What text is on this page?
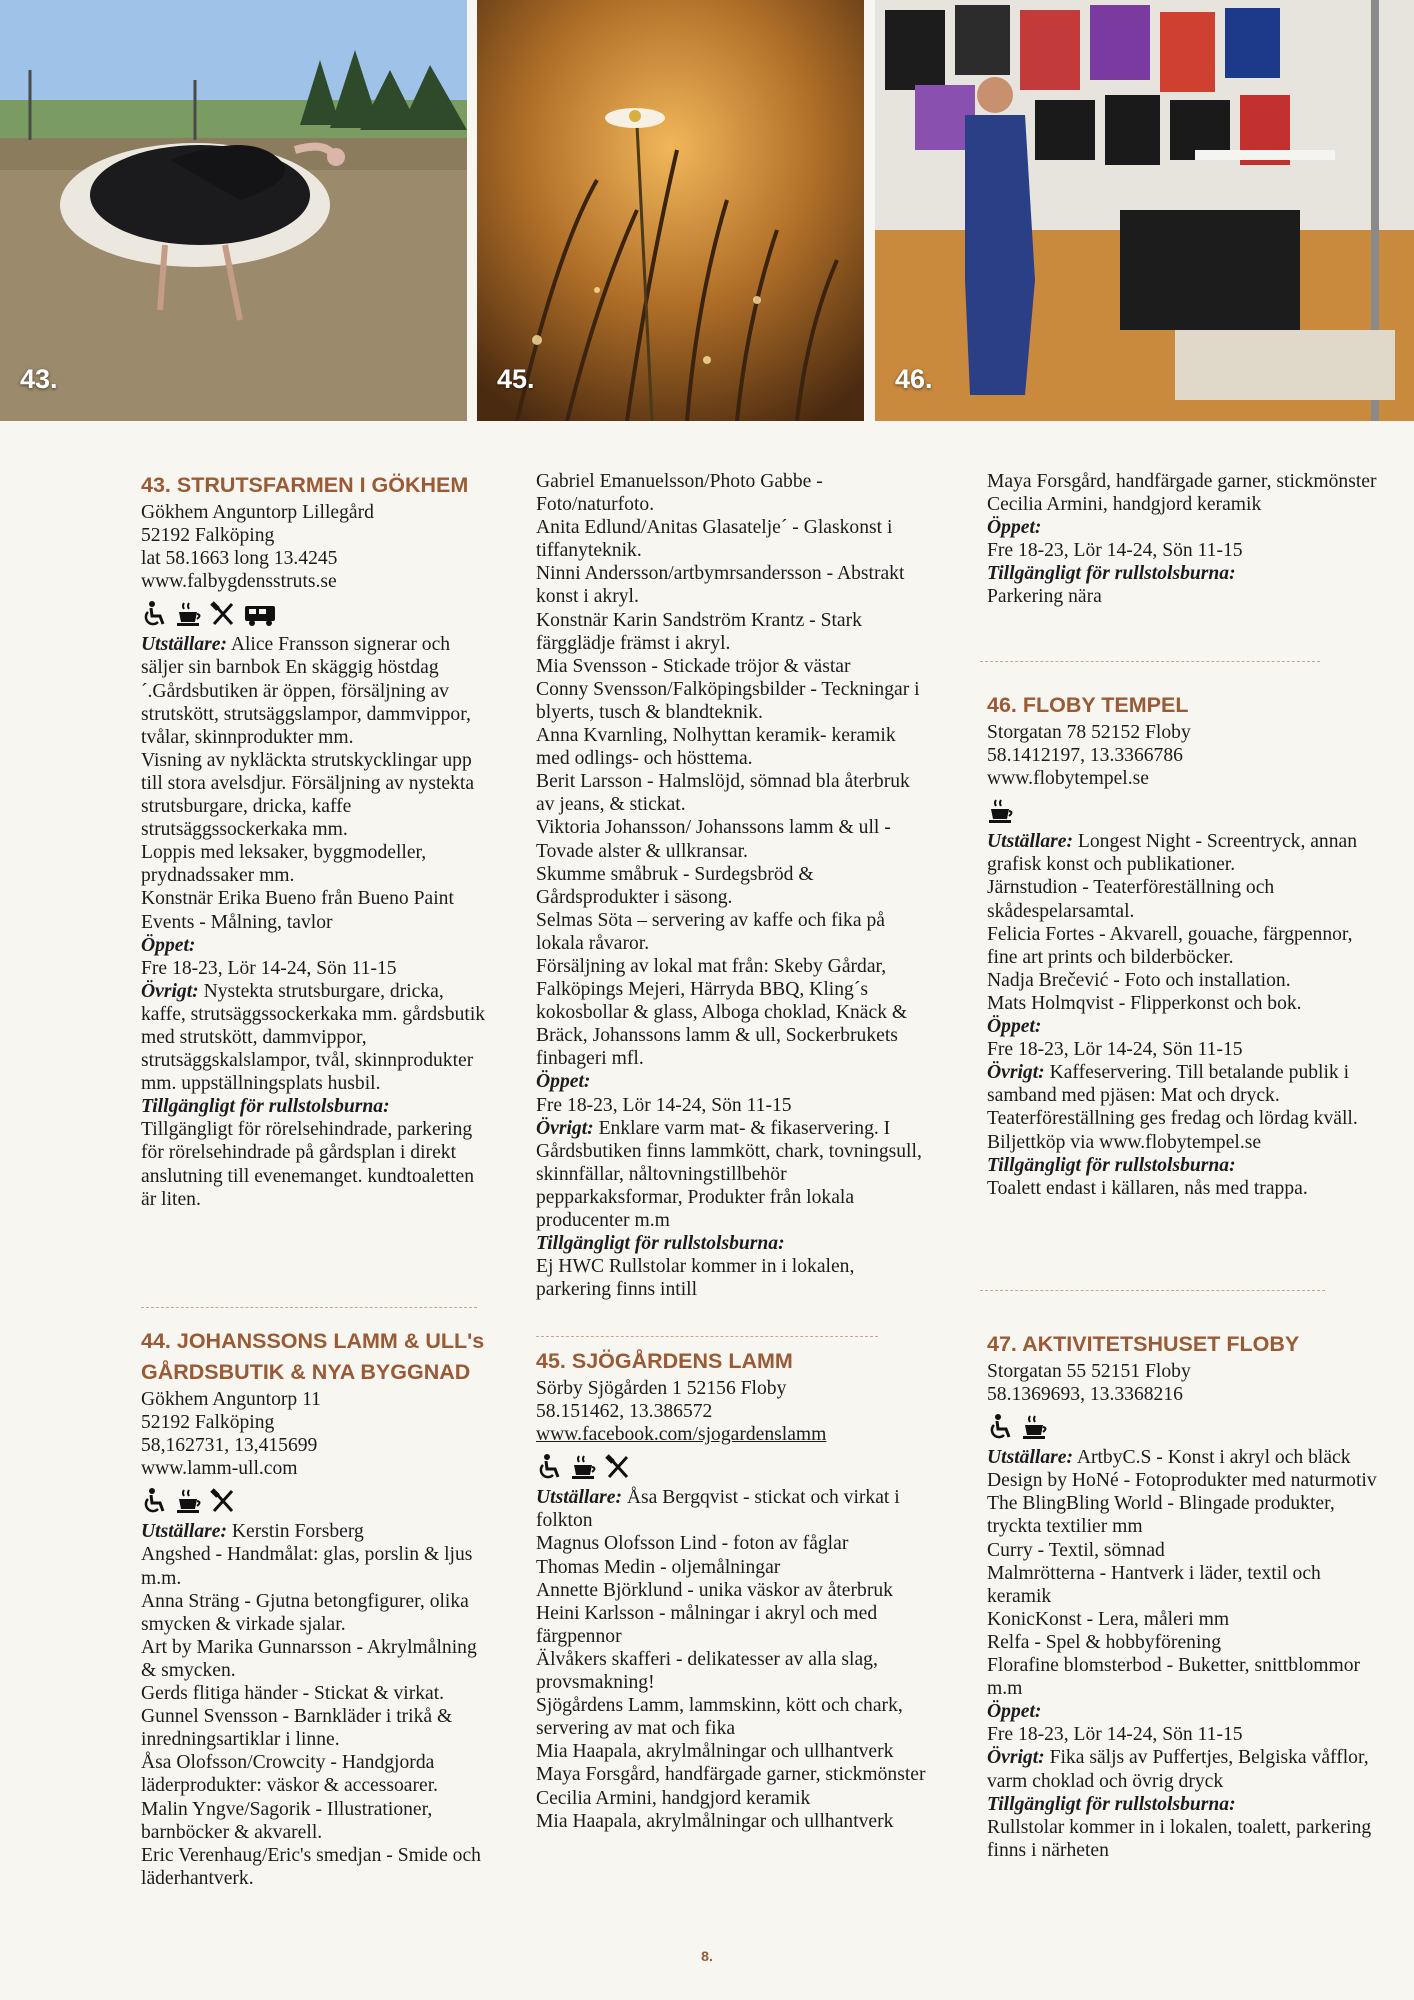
43.	45.	46.
43. STRUTSFARMEN I GÖKHEM

Gökhem Anguntorp Lillegård

52192 Falköping

lat 58.1663 long 13.4245

www.falbygdensstruts.se

Utställare: Alice Fransson signerar och säljer sin barnbok En skäggig höstdag´.Gårdsbutiken är öppen, försäljning av strutskött, strutsäggslampor, dammvippor, tvålar, skinnprodukter mm.

Visning av nykläckta strutskycklingar upp till stora avelsdjur. Försäljning av nystekta strutsburgare, dricka, kaffe strutsäggssockerkaka mm.

Loppis med leksaker, byggmodeller, prydnadssaker mm.

Konstnär Erika Bueno från Bueno Paint Events - Målning, tavlor

Öppet:

Fre 18-23, Lör 14-24, Sön 11-15

Övrigt: Nystekta strutsburgare, dricka, kaffe, strutsäggssockerkaka mm. gårdsbutik med strutskött, dammvippor, strutsäggskalslampor, tvål, skinnprodukter mm. uppställningsplats husbil.

Tillgängligt för rullstolsburna:

Tillgängligt för rörelsehindrade, parkering för rörelsehindrade på gårdsplan i direkt anslutning till evenemanget. kundtoaletten är liten.

44. JOHANSSONS LAMM & ULL's
GÅRDSBUTIK & NYA BYGGNAD

Gökhem Anguntorp 11

52192 Falköping

58,162731, 13,415699

www.lamm-ull.com

Utställare: Kerstin Forsberg

Angshed - Handmålat: glas, porslin & ljus m.m.

Anna Sträng - Gjutna betongfigurer, olika smycken & virkade sjalar.

Art by Marika Gunnarsson - Akrylmålning & smycken.

Gerds flitiga händer - Stickat & virkat.

Gunnel Svensson - Barnkläder i trikå & inredningsartiklar i linne.

Åsa Olofsson/Crowcity - Handgjorda läderprodukter: väskor & accessoarer.

Malin Yngve/Sagorik - Illustrationer, barnböcker & akvarell.

Eric Verenhaug/Eric's smedjan - Smide och läderhantverk.

Gabriel Emanuelsson/Photo Gabbe - Foto/naturfoto.

Anita Edlund/Anitas Glasatelje´ - Glaskonst i tiffanyteknik.

Ninni Andersson/artbymrsandersson - Abstrakt konst i akryl.

Konstnär Karin Sandström Krantz - Stark färgglädje främst i akryl.

Mia Svensson - Stickade tröjor & västar

Conny Svensson/Falköpingsbilder - Teckningar i blyerts, tusch & blandteknik.

Anna Kvarnling, Nolhyttan keramik- keramik med odlings- och hösttema.

Berit Larsson - Halmslöjd, sömnad bla återbruk av jeans, & stickat.

Viktoria Johansson/ Johanssons lamm & ull - Tovade alster & ullkransar.

Skumme småbruk - Surdegsbröd & Gårdsprodukter i säsong.

Selmas Söta – servering av kaffe och fika på lokala råvaror.

Försäljning av lokal mat från: Skeby Gårdar, Falköpings Mejeri, Härryda BBQ, Kling´s kokosbollar & glass, Alboga choklad, Knäck & Bräck, Johanssons lamm & ull, Sockerbrukets finbageri mfl.

Öppet:

Fre 18-23, Lör 14-24, Sön 11-15

Övrigt: Enklare varm mat- & fikaservering. I Gårdsbutiken finns lammkött, chark, tovningsull, skinnfällar, nåltovningstillbehör pepparkaksformar, Produkter från lokala producenter m.m

Tillgängligt för rullstolsburna:

Ej HWC Rullstolar kommer in i lokalen, parkering finns intill

45. SJÖGÅRDENS LAMM

Sörby Sjögården 1 52156 Floby

58.151462, 13.386572

www.facebook.com/sjogardenslamm

Utställare: Åsa Bergqvist - stickat och virkat i folkton

Magnus Olofsson Lind - foton av fåglar

Thomas Medin - oljemålningar

Annette Björklund - unika väskor av återbruk

Heini Karlsson - målningar i akryl och med färgpennor

Älvåkers skafferi - delikatesser av alla slag, provsmakning!

Sjögårdens Lamm, lammskinn, kött och chark, servering av mat och fika

Mia Haapala, akrylmålningar och ullhantverk

Maya Forsgård, handfärgade garner, stickmönster

Cecilia Armini, handgjord keramik

Mia Haapala, akrylmålningar och ullhantverk

Maya Forsgård, handfärgade garner, stickmönster

Cecilia Armini, handgjord keramik

Öppet:

Fre 18-23, Lör 14-24, Sön 11-15

Tillgängligt för rullstolsburna:

Parkering nära

46. FLOBY TEMPEL

Storgatan 78 52152 Floby

58.1412197, 13.3366786

www.flobytempel.se

Utställare: Longest Night - Screentryck, annan grafisk konst och publikationer.

Järnstudion - Teaterföreställning och skådespelarsamtal.

Felicia Fortes - Akvarell, gouache, färgpennor, fine art prints och bilderböcker.

Nadja Brečević - Foto och installation.

Mats Holmqvist - Flipperkonst och bok.

Öppet:

Fre 18-23, Lör 14-24, Sön 11-15

Övrigt: Kaffeservering. Till betalande publik i samband med pjäsen: Mat och dryck. Teaterföreställning ges fredag och lördag kväll. Biljettköp via www.flobytempel.se

Tillgängligt för rullstolsburna:

Toalett endast i källaren, nås med trappa.

47. AKTIVITETSHUSET FLOBY

Storgatan 55 52151 Floby

58.1369693, 13.3368216

Utställare: ArtbyC.S - Konst i akryl och bläck

Design by HoNé - Fotoprodukter med naturmotiv

The BlingBling World - Blingade produkter, tryckta textilier mm

Curry - Textil, sömnad

Malmrötterna - Hantverk i läder, textil och keramik

KonicKonst - Lera, måleri mm

Relfa - Spel & hobbyförening

Florafine blomsterbod - Buketter, snittblommor m.m

Öppet:

Fre 18-23, Lör 14-24, Sön 11-15

Övrigt: Fika säljs av Puffertjes, Belgiska våfflor, varm choklad och övrig dryck

Tillgängligt för rullstolsburna:

Rullstolar kommer in i lokalen, toalett, parkering finns i närheten

8.
